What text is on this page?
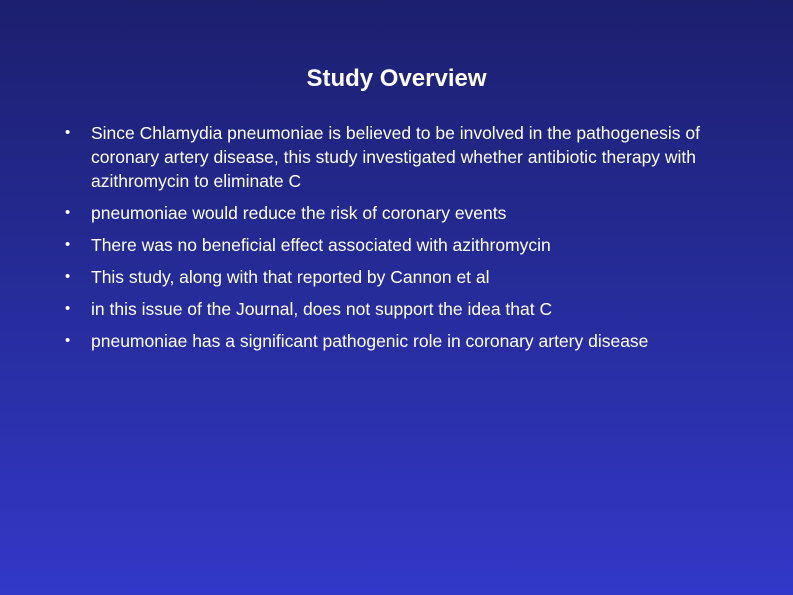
Study Overview
• Since Chlamydia pneumoniae is believed to be involved in the pathogenesis of coronary artery disease, this study investigated whether antibiotic therapy with azithromycin to eliminate C
• pneumoniae would reduce the risk of coronary events
• There was no beneficial effect associated with azithromycin
• This study, along with that reported by Cannon et al
• in this issue of the Journal, does not support the idea that C
• pneumoniae has a significant pathogenic role in coronary artery disease
